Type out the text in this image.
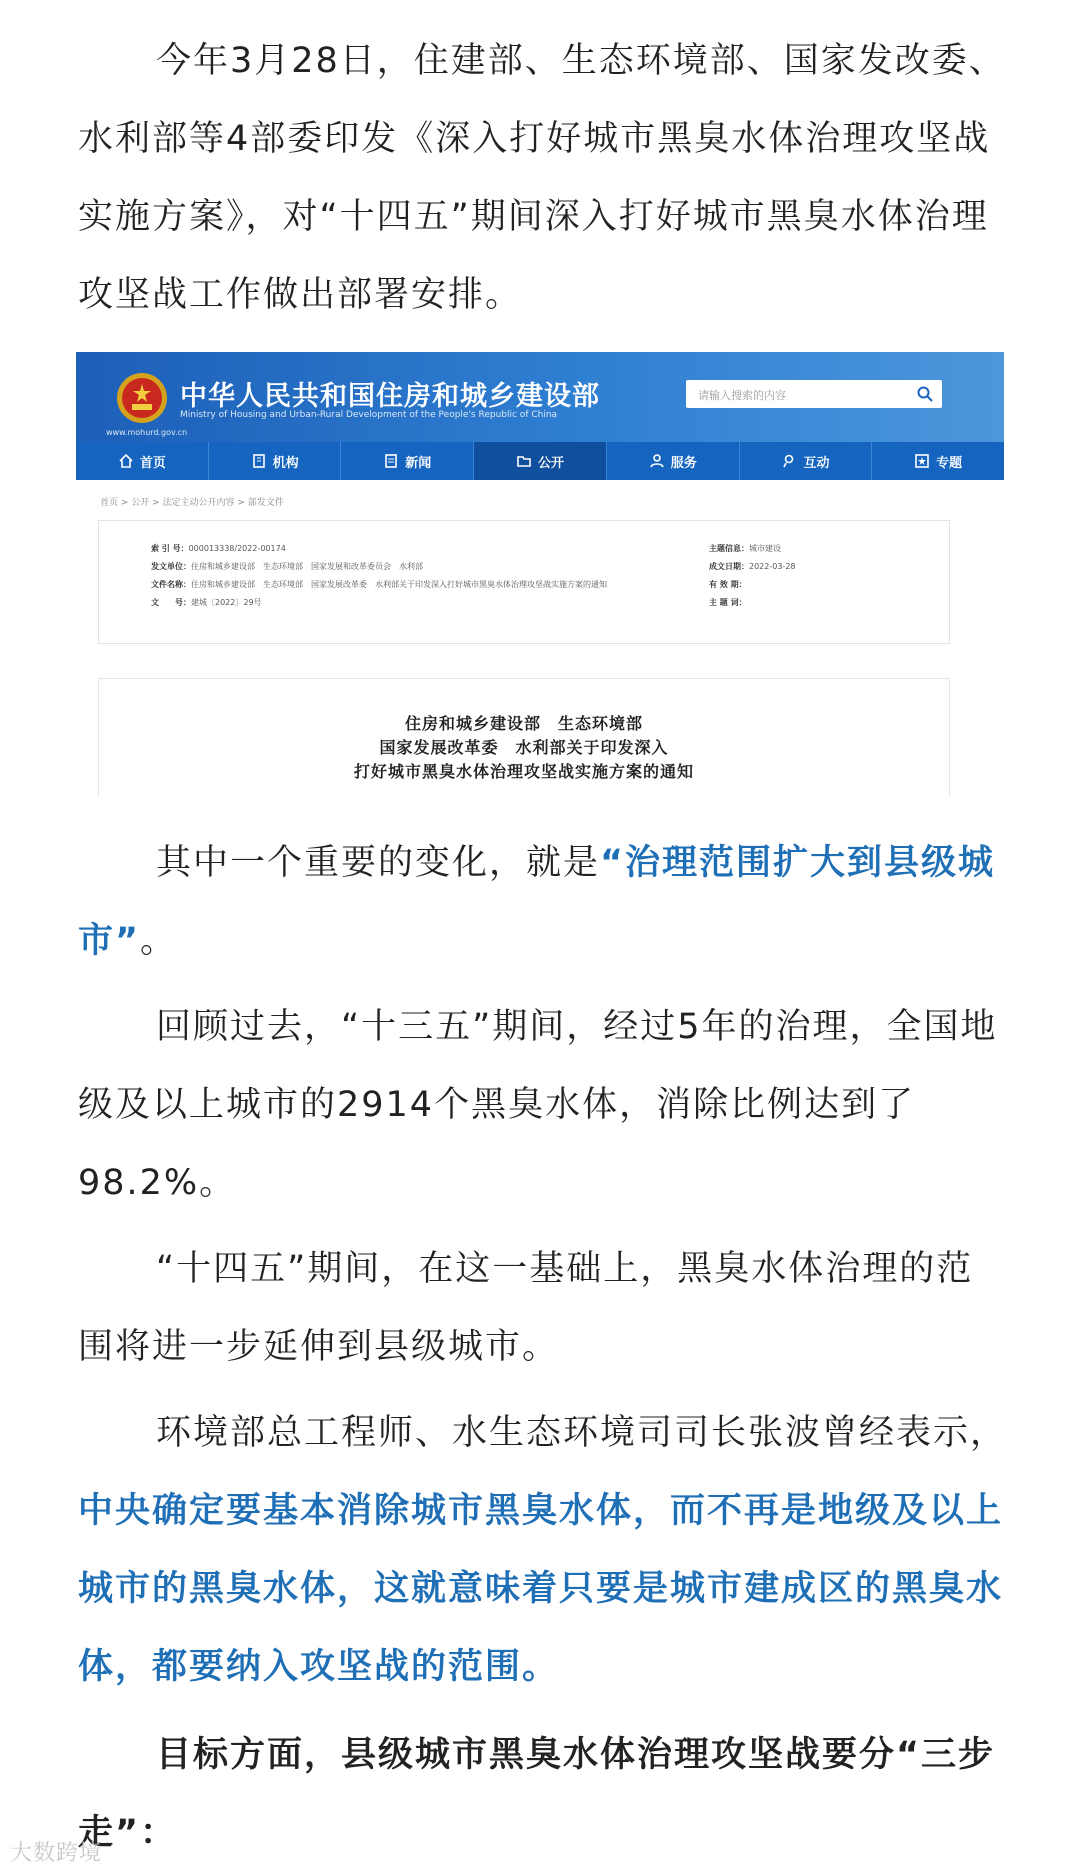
今年3月28日，住建部、生态环境部、国家发改委、水利部等4部委印发《深入打好城市黑臭水体治理攻坚战实施方案》，对“十四五”期间深入打好城市黑臭水体治理攻坚战工作做出部署安排。

中华人民共和国住房和城乡建设部
Ministry of Housing and Urban-Rural Development of the People's Republic of China
www.mohurd.gov.cn
请输入搜索的内容
首页	机构	新闻	公开	服务	互动	专题
首页 > 公开 > 法定主动公开内容 > 部发文件
索 引 号：000013338/2022-00174
发文单位：住房和城乡建设部　生态环境部　国家发展和改革委员会　水利部
文件名称：住房和城乡建设部　生态环境部　国家发展改革委　水利部关于印发深入打好城市黑臭水体治理攻坚战实施方案的通知
文　　号：建城〔2022〕29号
主题信息：城市建设
成文日期：2022-03-28
有 效 期：
主 题 词：
住房和城乡建设部　生态环境部
国家发展改革委　水利部关于印发深入
打好城市黑臭水体治理攻坚战实施方案的通知

其中一个重要的变化，就是“治理范围扩大到县级城市”。

回顾过去，“十三五”期间，经过5年的治理，全国地级及以上城市的2914个黑臭水体，消除比例达到了98.2%。

“十四五”期间，在这一基础上，黑臭水体治理的范围将进一步延伸到县级城市。

环境部总工程师、水生态环境司司长张波曾经表示，

中央确定要基本消除城市黑臭水体，而不再是地级及以上城市的黑臭水体，这就意味着只要是城市建成区的黑臭水体，都要纳入攻坚战的范围。

目标方面，县级城市黑臭水体治理攻坚战要分“三步走”：

大数跨境
